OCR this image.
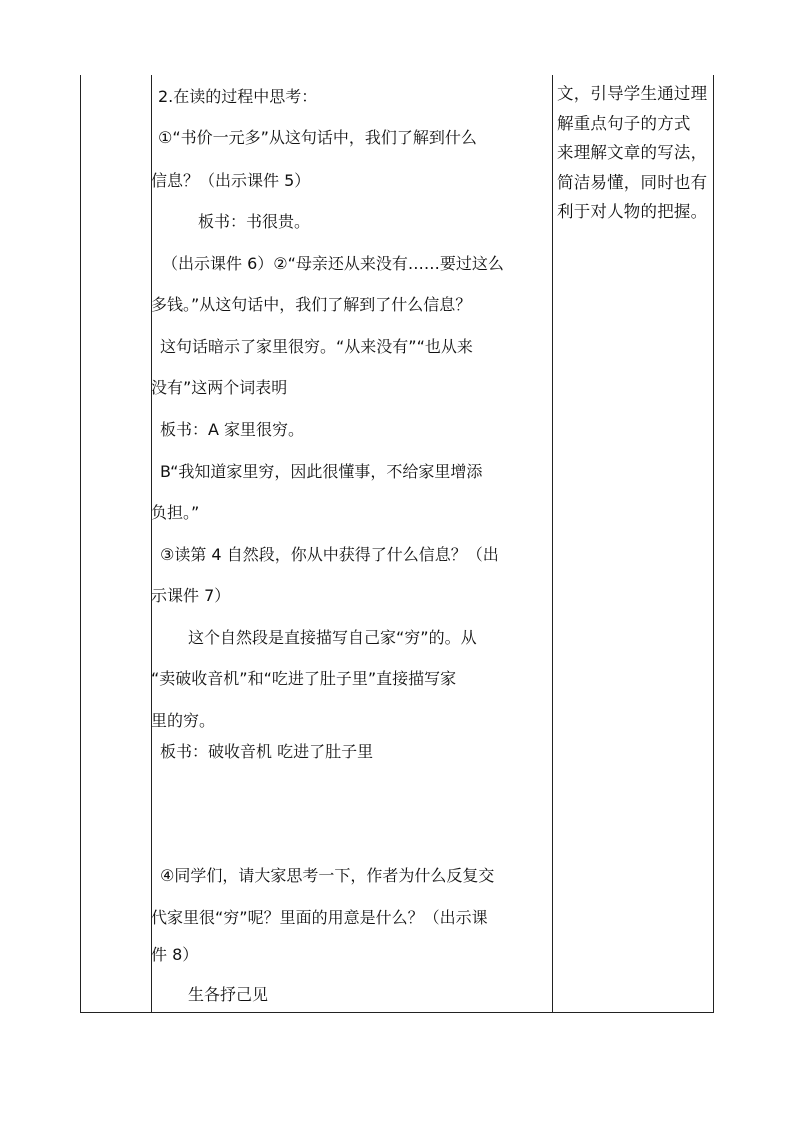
2.在读的过程中思考：
①“书价一元多”从这句话中，我们了解到什么
信息？（出示课件 5）
板书：书很贵。
（出示课件 6）②“母亲还从来没有……要过这么
多钱。”从这句话中，我们了解到了什么信息？
这句话暗示了家里很穷。“从来没有”“也从来
没有”这两个词表明
板书：A 家里很穷。
B“我知道家里穷，因此很懂事，不给家里增添
负担。”
③读第 4 自然段，你从中获得了什么信息？（出
示课件 7）
这个自然段是直接描写自己家“穷”的。从
“卖破收音机”和“吃进了肚子里”直接描写家
里的穷。
板书：破收音机 吃进了肚子里
④同学们，请大家思考一下，作者为什么反复交
代家里很“穷”呢？里面的用意是什么？（出示课
件 8）
生各抒己见
文，引导学生通过理
解重点句子的方式
来理解文章的写法，
简洁易懂，同时也有
利于对人物的把握。
